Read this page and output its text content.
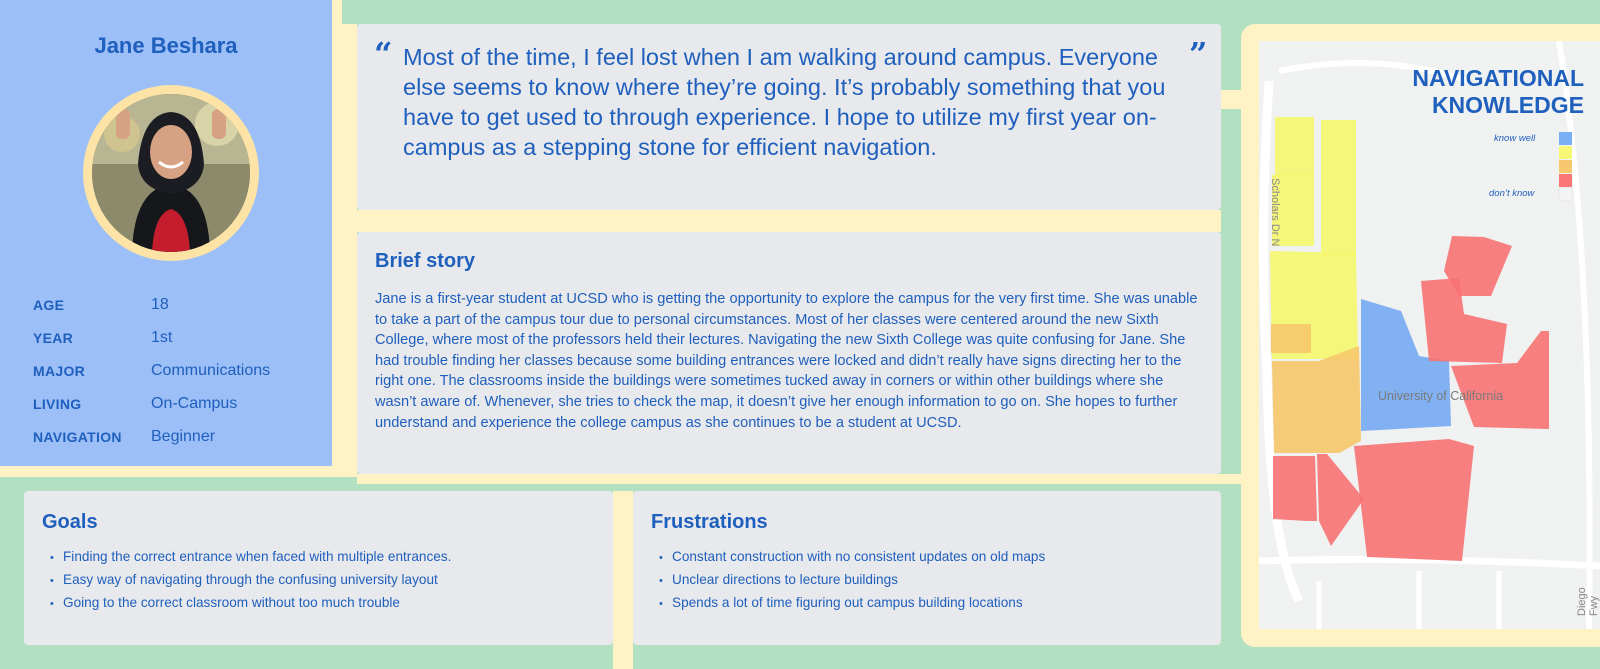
Jane Beshara
AGE	18
YEAR	1st
MAJOR	Communications
LIVING	On-Campus
NAVIGATION	Beginner
“	”
Most of the time, I feel lost when I am walking around campus. Everyone else seems to know where they’re going. It’s probably something that you have to get used to through experience. I hope to utilize my first year on-campus as a stepping stone for efficient navigation.
Brief story
Jane is a first-year student at UCSD who is getting the opportunity to explore the campus for the very first time. She was unable to take a part of the campus tour due to personal circumstances. Most of her classes were centered around the new Sixth College, where most of the professors held their lectures. Navigating the new Sixth College was quite confusing for Jane. She had trouble finding her classes because some building entrances were locked and didn’t really have signs directing her to the right one. The classrooms inside the buildings were sometimes tucked away in corners or within other buildings where she wasn’t aware of. Whenever, she tries to check the map, it doesn’t give her enough information to go on. She hopes to further understand and experience the college campus as she continues to be a student at UCSD.
Goals
• Finding the correct entrance when faced with multiple entrances.
• Easy way of navigating through the confusing university layout
• Going to the correct classroom without too much trouble
Frustrations
• Constant construction with no consistent updates on old maps
• Unclear directions to lecture buildings
• Spends a lot of time figuring out campus building locations
NAVIGATIONAL
KNOWLEDGE
know well
don’t know
University of California
Scholars Dr N
Diego Fwy
